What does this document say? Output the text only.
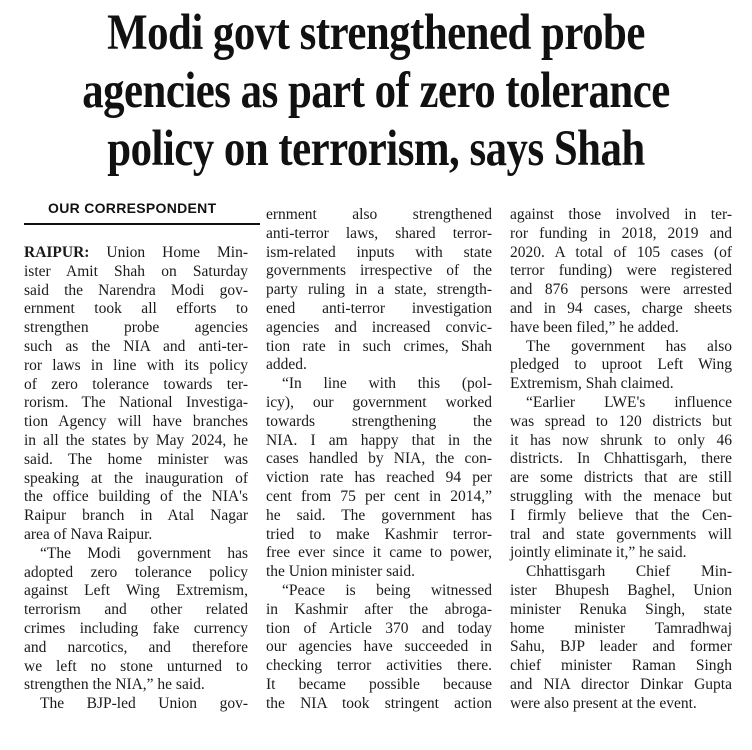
Modi govt strengthened probe
agencies as part of zero tolerance
policy on terrorism, says Shah
OUR CORRESPONDENT
RAIPUR: Union Home Min-
ister Amit Shah on Saturday
said the Narendra Modi gov-
ernment took all efforts to
strengthen probe agencies
such as the NIA and anti-ter-
ror laws in line with its policy
of zero tolerance towards ter-
rorism. The National Investiga-
tion Agency will have branches
in all the states by May 2024, he
said. The home minister was
speaking at the inauguration of
the office building of the NIA's
Raipur branch in Atal Nagar
area of Nava Raipur.
“The Modi government has
adopted zero tolerance policy
against Left Wing Extremism,
terrorism and other related
crimes including fake currency
and narcotics, and therefore
we left no stone unturned to
strengthen the NIA,” he said.
The BJP-led Union gov-
ernment also strengthened
anti-terror laws, shared terror-
ism-related inputs with state
governments irrespective of the
party ruling in a state, strength-
ened anti-terror investigation
agencies and increased convic-
tion rate in such crimes, Shah
added.
“In line with this (pol-
icy), our government worked
towards strengthening the
NIA. I am happy that in the
cases handled by NIA, the con-
viction rate has reached 94 per
cent from 75 per cent in 2014,”
he said. The government has
tried to make Kashmir terror-
free ever since it came to power,
the Union minister said.
“Peace is being witnessed
in Kashmir after the abroga-
tion of Article 370 and today
our agencies have succeeded in
checking terror activities there.
It became possible because
the NIA took stringent action
against those involved in ter-
ror funding in 2018, 2019 and
2020. A total of 105 cases (of
terror funding) were registered
and 876 persons were arrested
and in 94 cases, charge sheets
have been filed,” he added.
The government has also
pledged to uproot Left Wing
Extremism, Shah claimed.
“Earlier LWE's influence
was spread to 120 districts but
it has now shrunk to only 46
districts. In Chhattisgarh, there
are some districts that are still
struggling with the menace but
I firmly believe that the Cen-
tral and state governments will
jointly eliminate it,” he said.
Chhattisgarh Chief Min-
ister Bhupesh Baghel, Union
minister Renuka Singh, state
home minister Tamradhwaj
Sahu, BJP leader and former
chief minister Raman Singh
and NIA director Dinkar Gupta
were also present at the event.
